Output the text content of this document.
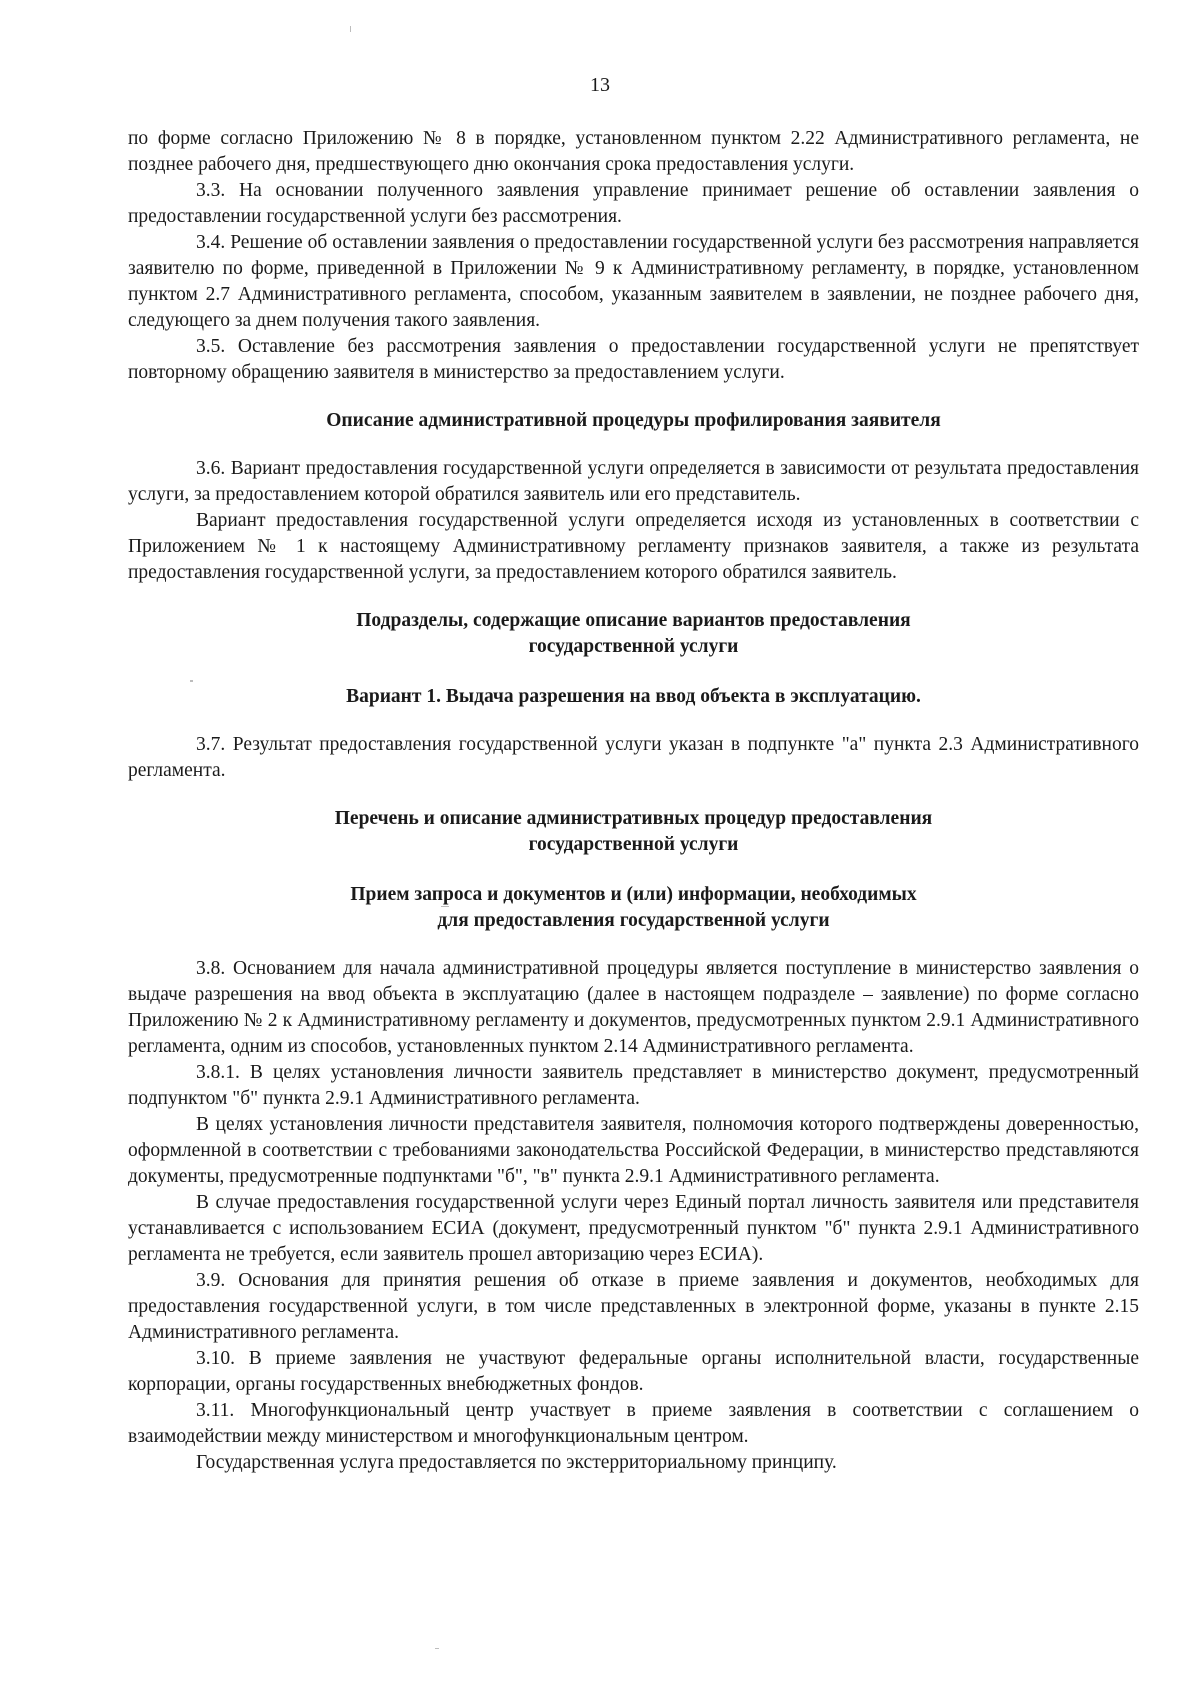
13

по форме согласно Приложению № 8 в порядке, установленном пунктом 2.22 Административного регламента, не позднее рабочего дня, предшествующего дню окончания срока предоставления услуги.

3.3. На основании полученного заявления управление принимает решение об оставлении заявления о предоставлении государственной услуги без рассмотрения.

3.4. Решение об оставлении заявления о предоставлении государственной услуги без рассмотрения направляется заявителю по форме, приведенной в Приложении № 9 к Административному регламенту, в порядке, установленном пунктом 2.7 Административного регламента, способом, указанным заявителем в заявлении, не позднее рабочего дня, следующего за днем получения такого заявления.

3.5. Оставление без рассмотрения заявления о предоставлении государственной услуги не препятствует повторному обращению заявителя в министерство за предоставлением услуги.

Описание административной процедуры профилирования заявителя

3.6. Вариант предоставления государственной услуги определяется в зависимости от результата предоставления услуги, за предоставлением которой обратился заявитель или его представитель.

Вариант предоставления государственной услуги определяется исходя из установленных в соответствии с Приложением № 1 к настоящему Административному регламенту признаков заявителя, а также из результата предоставления государственной услуги, за предоставлением которого обратился заявитель.

Подразделы, содержащие описание вариантов предоставления
государственной услуги
Вариант 1. Выдача разрешения на ввод объекта в эксплуатацию.

3.7. Результат предоставления государственной услуги указан в подпункте "а" пункта 2.3 Административного регламента.

Перечень и описание административных процедур предоставления
государственной услуги
Прием запроса и документов и (или) информации, необходимых
для предоставления государственной услуги

3.8. Основанием для начала административной процедуры является поступление в министерство заявления о выдаче разрешения на ввод объекта в эксплуатацию (далее в настоящем подразделе – заявление) по форме согласно Приложению № 2 к Административному регламенту и документов, предусмотренных пунктом 2.9.1 Административного регламента, одним из способов, установленных пунктом 2.14 Административного регламента.

3.8.1. В целях установления личности заявитель представляет в министерство документ, предусмотренный подпунктом "б" пункта 2.9.1 Административного регламента.

В целях установления личности представителя заявителя, полномочия которого подтверждены доверенностью, оформленной в соответствии с требованиями законодательства Российской Федерации, в министерство представляются документы, предусмотренные подпунктами "б", "в" пункта 2.9.1 Административного регламента.

В случае предоставления государственной услуги через Единый портал личность заявителя или представителя устанавливается с использованием ЕСИА (документ, предусмотренный пунктом "б" пункта 2.9.1 Административного регламента не требуется, если заявитель прошел авторизацию через ЕСИА).

3.9. Основания для принятия решения об отказе в приеме заявления и документов, необходимых для предоставления государственной услуги, в том числе представленных в электронной форме, указаны в пункте 2.15 Административного регламента.

3.10. В приеме заявления не участвуют федеральные органы исполнительной власти, государственные корпорации, органы государственных внебюджетных фондов.

3.11. Многофункциональный центр участвует в приеме заявления в соответствии с соглашением о взаимодействии между министерством и многофункциональным центром.

Государственная услуга предоставляется по экстерриториальному принципу.
